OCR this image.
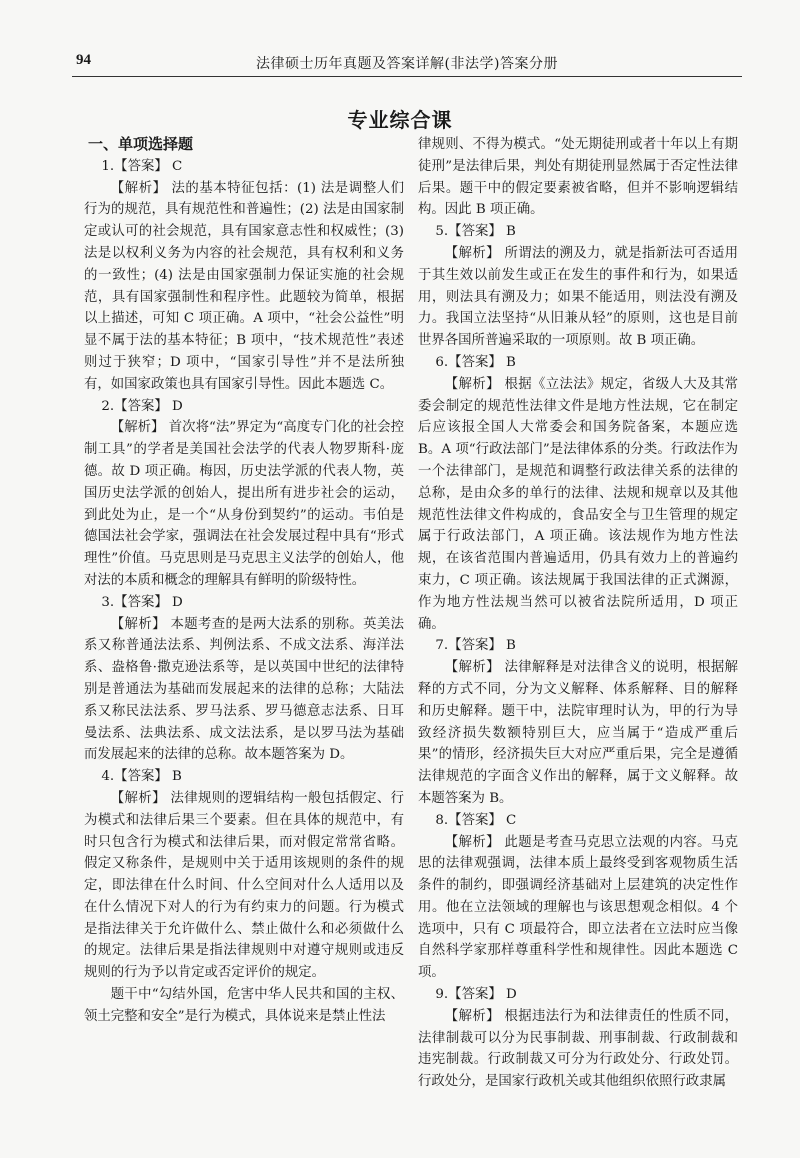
94	法律硕士历年真题及答案详解(非法学)答案分册
专业综合课

一、单项选择题

1.【答案】 C

【解析】 法的基本特征包括：(1) 法是调整人们行为的规范，具有规范性和普遍性；(2) 法是由国家制定或认可的社会规范，具有国家意志性和权威性；(3) 法是以权利义务为内容的社会规范，具有权利和义务的一致性；(4) 法是由国家强制力保证实施的社会规范，具有国家强制性和程序性。此题较为简单，根据以上描述，可知 C 项正确。A 项中，“社会公益性”明显不属于法的基本特征；B 项中，“技术规范性”表述则过于狭窄；D 项中，“国家引导性”并不是法所独有，如国家政策也具有国家引导性。因此本题选 C。

2.【答案】 D

【解析】 首次将“法”界定为“高度专门化的社会控制工具”的学者是美国社会法学的代表人物罗斯科·庞德。故 D 项正确。梅因，历史法学派的代表人物，英国历史法学派的创始人，提出所有进步社会的运动，到此处为止，是一个“从身份到契约”的运动。韦伯是德国法社会学家，强调法在社会发展过程中具有“形式理性”价值。马克思则是马克思主义法学的创始人，他对法的本质和概念的理解具有鲜明的阶级特性。

3.【答案】 D

【解析】 本题考查的是两大法系的别称。英美法系又称普通法法系、判例法系、不成文法系、海洋法系、盎格鲁·撒克逊法系等，是以英国中世纪的法律特别是普通法为基础而发展起来的法律的总称；大陆法系又称民法法系、罗马法系、罗马德意志法系、日耳曼法系、法典法系、成文法法系，是以罗马法为基础而发展起来的法律的总称。故本题答案为 D。

4.【答案】 B

【解析】 法律规则的逻辑结构一般包括假定、行为模式和法律后果三个要素。但在具体的规范中，有时只包含行为模式和法律后果，而对假定常常省略。假定又称条件，是规则中关于适用该规则的条件的规定，即法律在什么时间、什么空间对什么人适用以及在什么情况下对人的行为有约束力的问题。行为模式是指法律关于允许做什么、禁止做什么和必须做什么的规定。法律后果是指法律规则中对遵守规则或违反规则的行为予以肯定或否定评价的规定。

题干中“勾结外国，危害中华人民共和国的主权、领土完整和安全”是行为模式，具体说来是禁止性法

律规则、不得为模式。“处无期徒刑或者十年以上有期徒刑”是法律后果，判处有期徒刑显然属于否定性法律后果。题干中的假定要素被省略，但并不影响逻辑结构。因此 B 项正确。

5.【答案】 B

【解析】 所谓法的溯及力，就是指新法可否适用于其生效以前发生或正在发生的事件和行为，如果适用，则法具有溯及力；如果不能适用，则法没有溯及力。我国立法坚持“从旧兼从轻”的原则，这也是目前世界各国所普遍采取的一项原则。故 B 项正确。

6.【答案】 B

【解析】 根据《立法法》规定，省级人大及其常委会制定的规范性法律文件是地方性法规，它在制定后应该报全国人大常委会和国务院备案，本题应选 B。A 项“行政法部门”是法律体系的分类。行政法作为一个法律部门，是规范和调整行政法律关系的法律的总称，是由众多的单行的法律、法规和规章以及其他规范性法律文件构成的，食品安全与卫生管理的规定属于行政法部门，A 项正确。该法规作为地方性法规，在该省范围内普遍适用，仍具有效力上的普遍约束力，C 项正确。该法规属于我国法律的正式渊源，作为地方性法规当然可以被省法院所适用，D 项正确。

7.【答案】 B

【解析】 法律解释是对法律含义的说明，根据解释的方式不同，分为文义解释、体系解释、目的解释和历史解释。题干中，法院审理时认为，甲的行为导致经济损失数额特别巨大，应当属于“造成严重后果”的情形，经济损失巨大对应严重后果，完全是遵循法律规范的字面含义作出的解释，属于文义解释。故本题答案为 B。

8.【答案】 C

【解析】 此题是考查马克思立法观的内容。马克思的法律观强调，法律本质上最终受到客观物质生活条件的制约，即强调经济基础对上层建筑的决定性作用。他在立法领域的理解也与该思想观念相似。4 个选项中，只有 C 项最符合，即立法者在立法时应当像自然科学家那样尊重科学性和规律性。因此本题选 C 项。

9.【答案】 D

【解析】 根据违法行为和法律责任的性质不同，法律制裁可以分为民事制裁、刑事制裁、行政制裁和违宪制裁。行政制裁又可分为行政处分、行政处罚。行政处分，是国家行政机关或其他组织依照行政隶属
